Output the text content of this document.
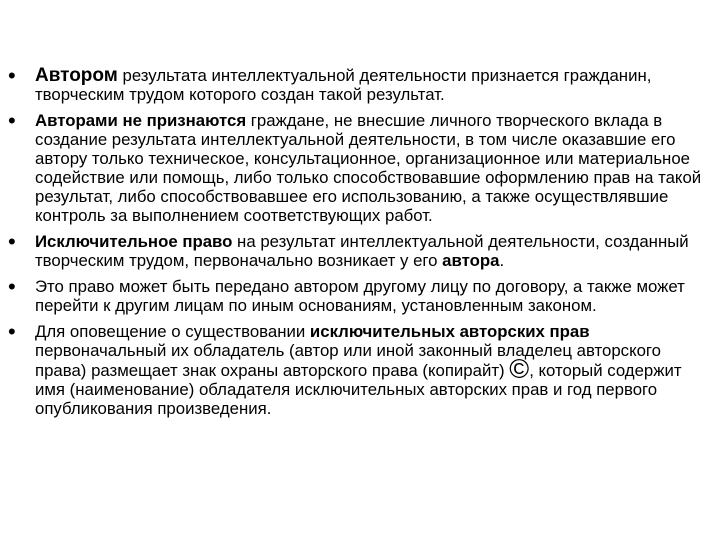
• Автором результата интеллектуальной деятельности признается гражданин, творческим трудом которого создан такой результат.
• Авторами не признаются граждане, не внесшие личного творческого вклада в создание результата интеллектуальной деятельности, в том числе оказавшие его автору только техническое, консультационное, организационное или материальное содействие или помощь, либо только способствовавшие оформлению прав на такой результат, либо способствовавшее его использованию, а также осуществлявшие контроль за выполнением соответствующих работ.
• Исключительное право на результат интеллектуальной деятельности, созданный творческим трудом, первоначально возникает у его автора.
• Это право может быть передано автором другому лицу по договору, а также может перейти к другим лицам по иным основаниям, установленным законом.
• Для оповещение о существовании исключительных авторских прав первоначальный их обладатель (автор или иной законный владелец авторского права) размещает знак охраны авторского права (копирайт) ©, который содержит имя (наименование) обладателя исключительных авторских прав и год первого опубликования произведения.
